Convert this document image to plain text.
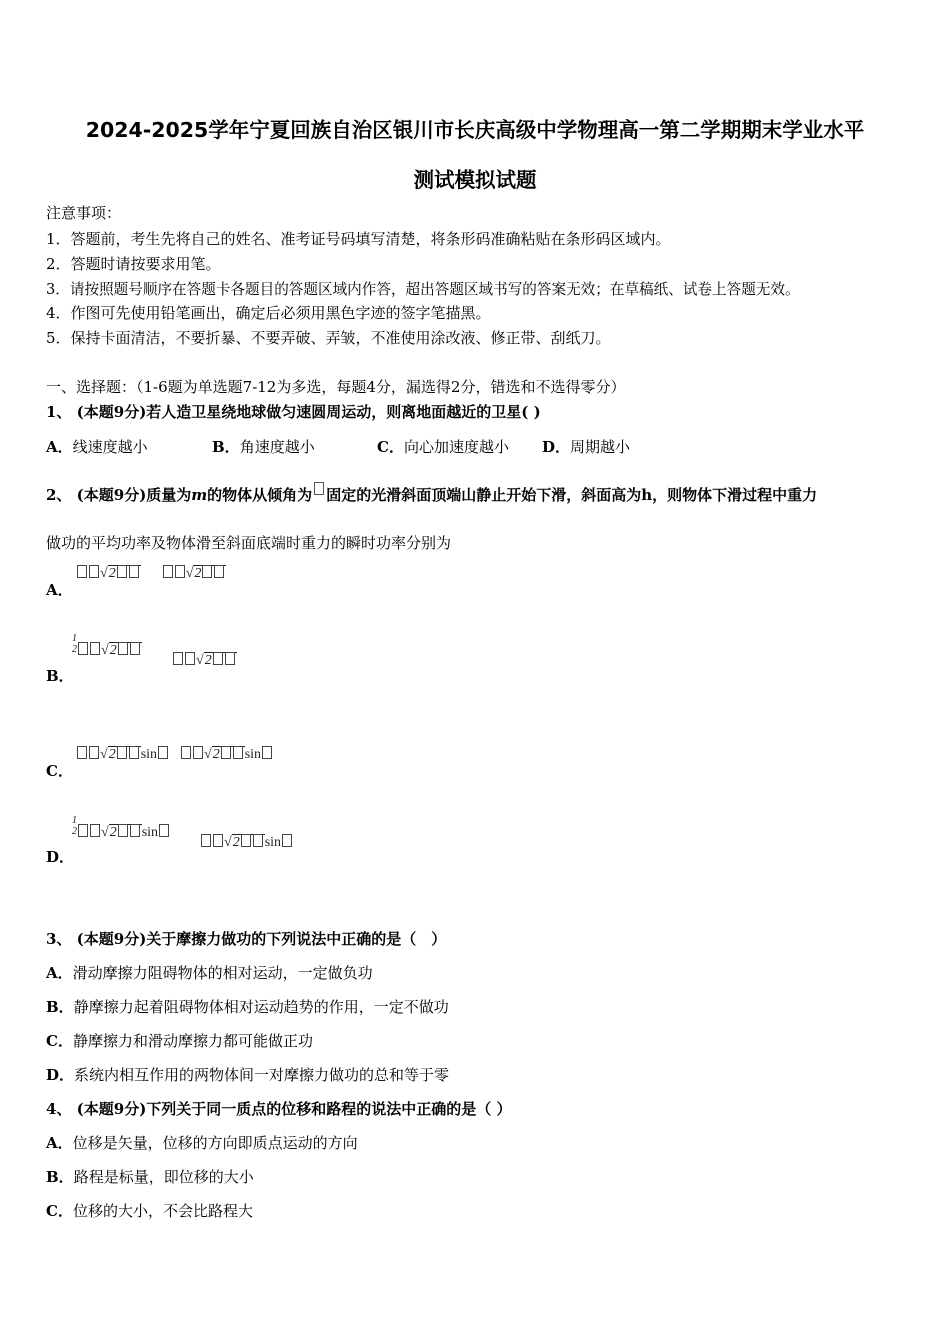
2024-2025学年宁夏回族自治区银川市长庆高级中学物理高一第二学期期末学业水平
测试模拟试题
注意事项：
1．答题前，考生先将自己的姓名、准考证号码填写清楚，将条形码准确粘贴在条形码区域内。
2．答题时请按要求用笔。
3．请按照题号顺序在答题卡各题目的答题区域内作答，超出答题区域书写的答案无效；在草稿纸、试卷上答题无效。
4．作图可先使用铅笔画出，确定后必须用黑色字迹的签字笔描黑。
5．保持卡面清洁，不要折暴、不要弄破、弄皱，不准使用涂改液、修正带、刮纸刀。
一、选择题：（1-6题为单选题7-12为多选，每题4分，漏选得2分，错选和不选得零分）
1、 (本题9分)若人造卫星绕地球做匀速圆周运动，则离地面越近的卫星( )
A．线速度越小	B．角速度越小	C．向心加速度越小 D．周期越小
2、 (本题9分)质量为m的物体从倾角为 固定的光滑斜面顶端山静止开始下滑，斜面高为h，则物体下滑过程中重力
做功的平均功率及物体滑至斜面底端时重力的瞬时功率分别为
A．
√2	√2
B．
1
2 √2
√2
C．
√2 sin	√2 sin
D．
1
2 √2 sin
√2 sin
3、 (本题9分)关于摩擦力做功的下列说法中正确的是（　）
A．滑动摩擦力阻碍物体的相对运动，一定做负功
B．静摩擦力起着阻碍物体相对运动趋势的作用，一定不做功
C．静摩擦力和滑动摩擦力都可能做正功
D．系统内相互作用的两物体间一对摩擦力做功的总和等于零
4、 (本题9分)下列关于同一质点的位移和路程的说法中正确的是（ ）
A．位移是矢量，位移的方向即质点运动的方向
B．路程是标量，即位移的大小
C．位移的大小，不会比路程大
